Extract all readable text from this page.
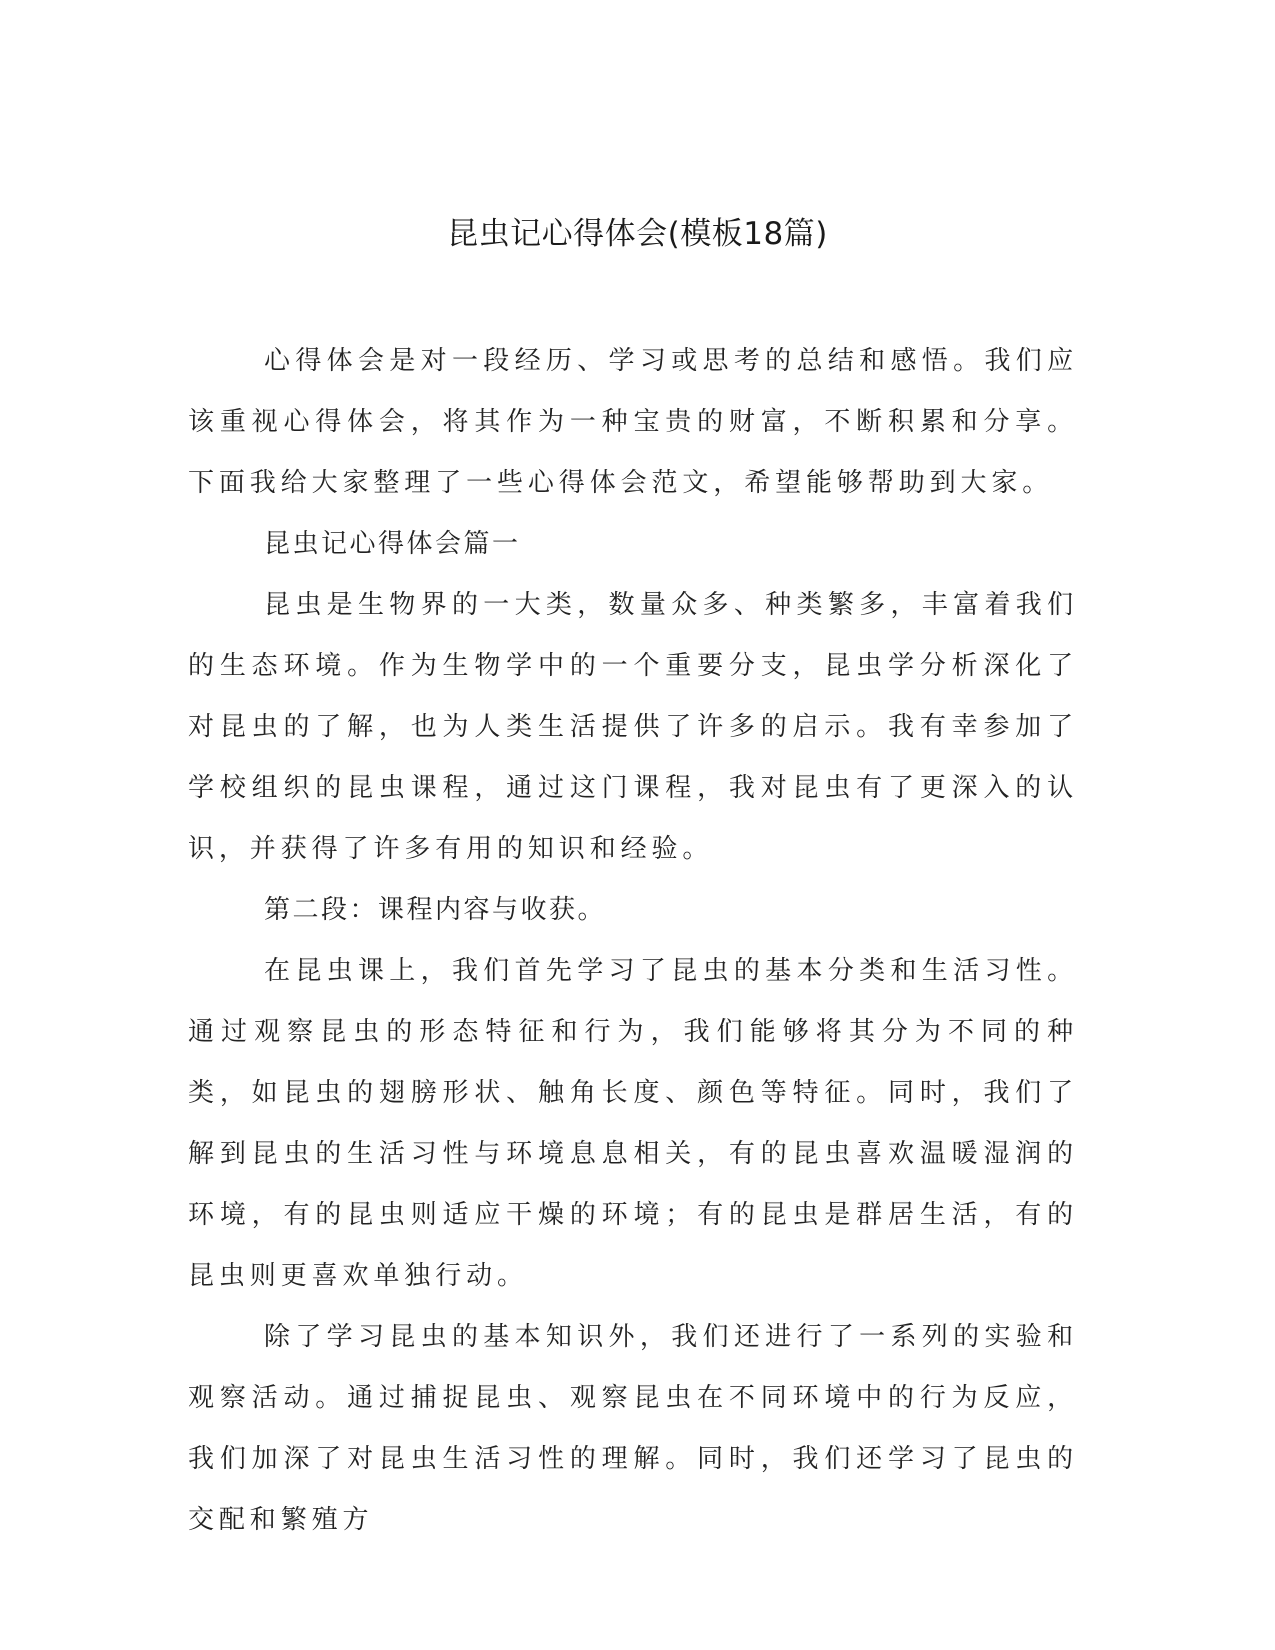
昆虫记心得体会(模板18篇)

心得体会是对一段经历、学习或思考的总结和感悟。我们应该重视心得体会，将其作为一种宝贵的财富，不断积累和分享。下面我给大家整理了一些心得体会范文，希望能够帮助到大家。

昆虫记心得体会篇一

昆虫是生物界的一大类，数量众多、种类繁多，丰富着我们的生态环境。作为生物学中的一个重要分支，昆虫学分析深化了对昆虫的了解，也为人类生活提供了许多的启示。我有幸参加了学校组织的昆虫课程，通过这门课程，我对昆虫有了更深入的认识，并获得了许多有用的知识和经验。

第二段：课程内容与收获。

在昆虫课上，我们首先学习了昆虫的基本分类和生活习性。通过观察昆虫的形态特征和行为，我们能够将其分为不同的种类，如昆虫的翅膀形状、触角长度、颜色等特征。同时，我们了解到昆虫的生活习性与环境息息相关，有的昆虫喜欢温暖湿润的环境，有的昆虫则适应干燥的环境；有的昆虫是群居生活，有的昆虫则更喜欢单独行动。

除了学习昆虫的基本知识外，我们还进行了一系列的实验和观察活动。通过捕捉昆虫、观察昆虫在不同环境中的行为反应，我们加深了对昆虫生活习性的理解。同时，我们还学习了昆虫的交配和繁殖方
